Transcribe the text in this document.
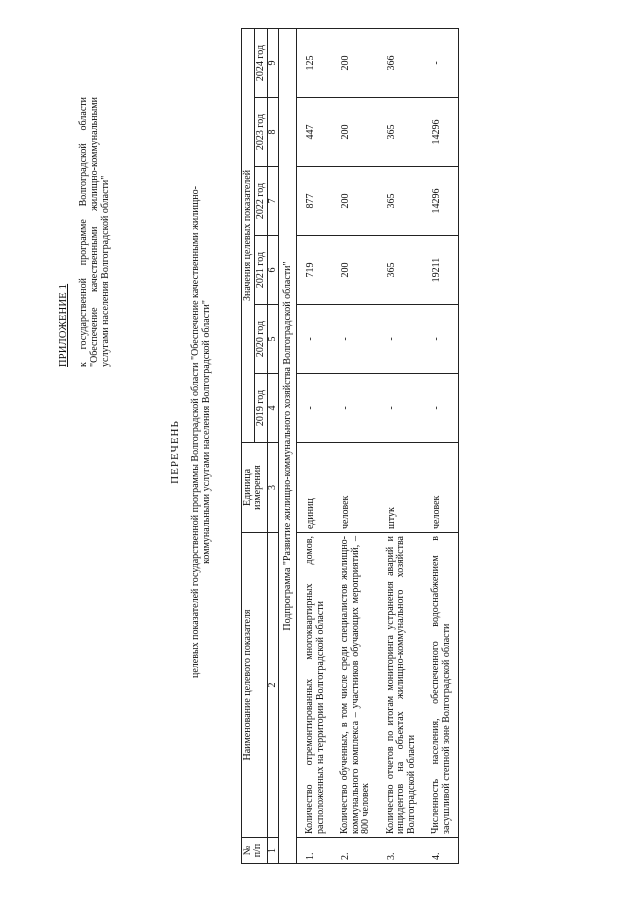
ПРИЛОЖЕНИЕ 1 к государственной программе Волгоградской области "Обеспечение качественными жилищно-коммунальными услугами населения Волгоградской области"
ПЕРЕЧЕНЬ целевых показателей государственной программы Волгоградской области "Обеспечение качественными жилищно-коммунальными услугами населения Волгоградской области"
№ п/п	Наименование целевого показателя	Единица измерения	Значения целевых показателей					
			2019 год	2020 год	2021 год	2022 год	2023 год	2024 год
1	2	3	4	5	6	7	8	9
Подпрограмма "Развитие жилищно-коммунального хозяйства Волгоградской области"								
1.	Количество отремонтированных многоквартирных домов, расположенных на территории Волгоградской области	единиц	-	-	719	877	447	125
2.	Количество обученных, в том числе среди специалистов жилищно-коммунального комплекса – участников обучающих мероприятий, – 800 человек	человек	-	-	200	200	200	200
3.	Количество отчетов по итогам мониторинга устранения аварий и инцидентов на объектах жилищно-коммунального хозяйства Волгоградской области	штук	-	-	365	365	365	366
4.	Численность населения, обеспеченного водоснабжением в засушливой степной зоне Волгоградской области	человек	-	-	19211	14296	14296	-
